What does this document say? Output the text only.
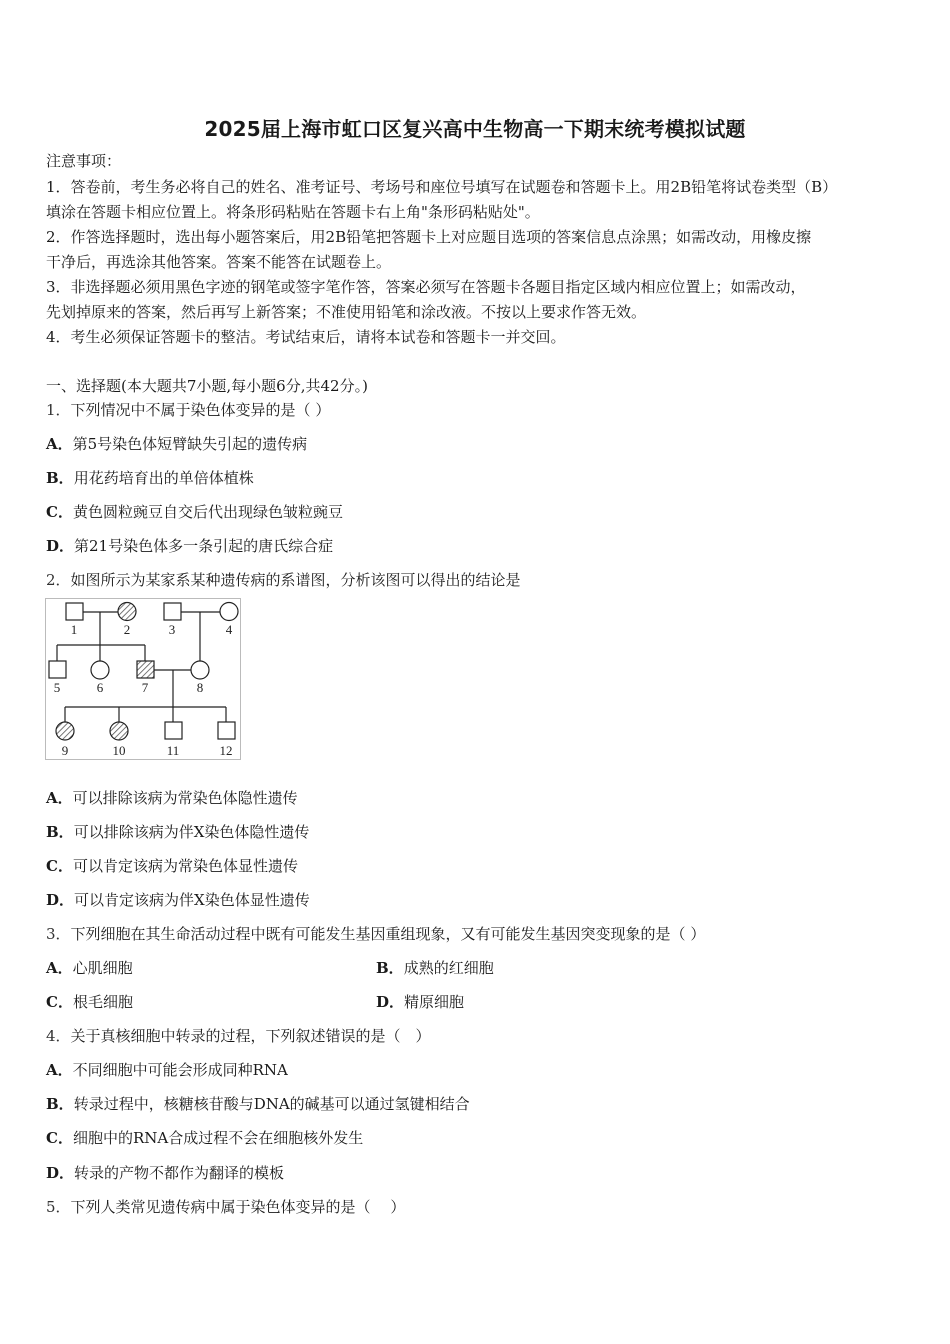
2025届上海市虹口区复兴高中生物高一下期末统考模拟试题
注意事项：
1．答卷前，考生务必将自己的姓名、准考证号、考场号和座位号填写在试题卷和答题卡上。用2B铅笔将试卷类型（B）
填涂在答题卡相应位置上。将条形码粘贴在答题卡右上角"条形码粘贴处"。
2．作答选择题时，选出每小题答案后，用2B铅笔把答题卡上对应题目选项的答案信息点涂黑；如需改动，用橡皮擦
干净后，再选涂其他答案。答案不能答在试题卷上。
3．非选择题必须用黑色字迹的钢笔或签字笔作答，答案必须写在答题卡各题目指定区域内相应位置上；如需改动，
先划掉原来的答案，然后再写上新答案；不准使用铅笔和涂改液。不按以上要求作答无效。
4．考生必须保证答题卡的整洁。考试结束后，请将本试卷和答题卡一并交回。
一、选择题(本大题共7小题,每小题6分,共42分。)
1．下列情况中不属于染色体变异的是（ ）
A．第5号染色体短臂缺失引起的遗传病
B．用花药培育出的单倍体植株
C．黄色圆粒豌豆自交后代出现绿色皱粒豌豆
D．第21号染色体多一条引起的唐氏综合症
2．如图所示为某家系某种遗传病的系谱图，分析该图可以得出的结论是
1	2	3	4
5	6	7	8
9	10	11	12
A．可以排除该病为常染色体隐性遗传
B．可以排除该病为伴X染色体隐性遗传
C．可以肯定该病为常染色体显性遗传
D．可以肯定该病为伴X染色体显性遗传
3．下列细胞在其生命活动过程中既有可能发生基因重组现象，又有可能发生基因突变现象的是（ ）
A．心肌细胞	B．成熟的红细胞
C．根毛细胞	D．精原细胞
4．关于真核细胞中转录的过程，下列叙述错误的是（　）
A．不同细胞中可能会形成同种RNA
B．转录过程中，核糖核苷酸与DNA的碱基可以通过氢键相结合
C．细胞中的RNA合成过程不会在细胞核外发生
D．转录的产物不都作为翻译的模板
5．下列人类常见遗传病中属于染色体变异的是（　 ）
